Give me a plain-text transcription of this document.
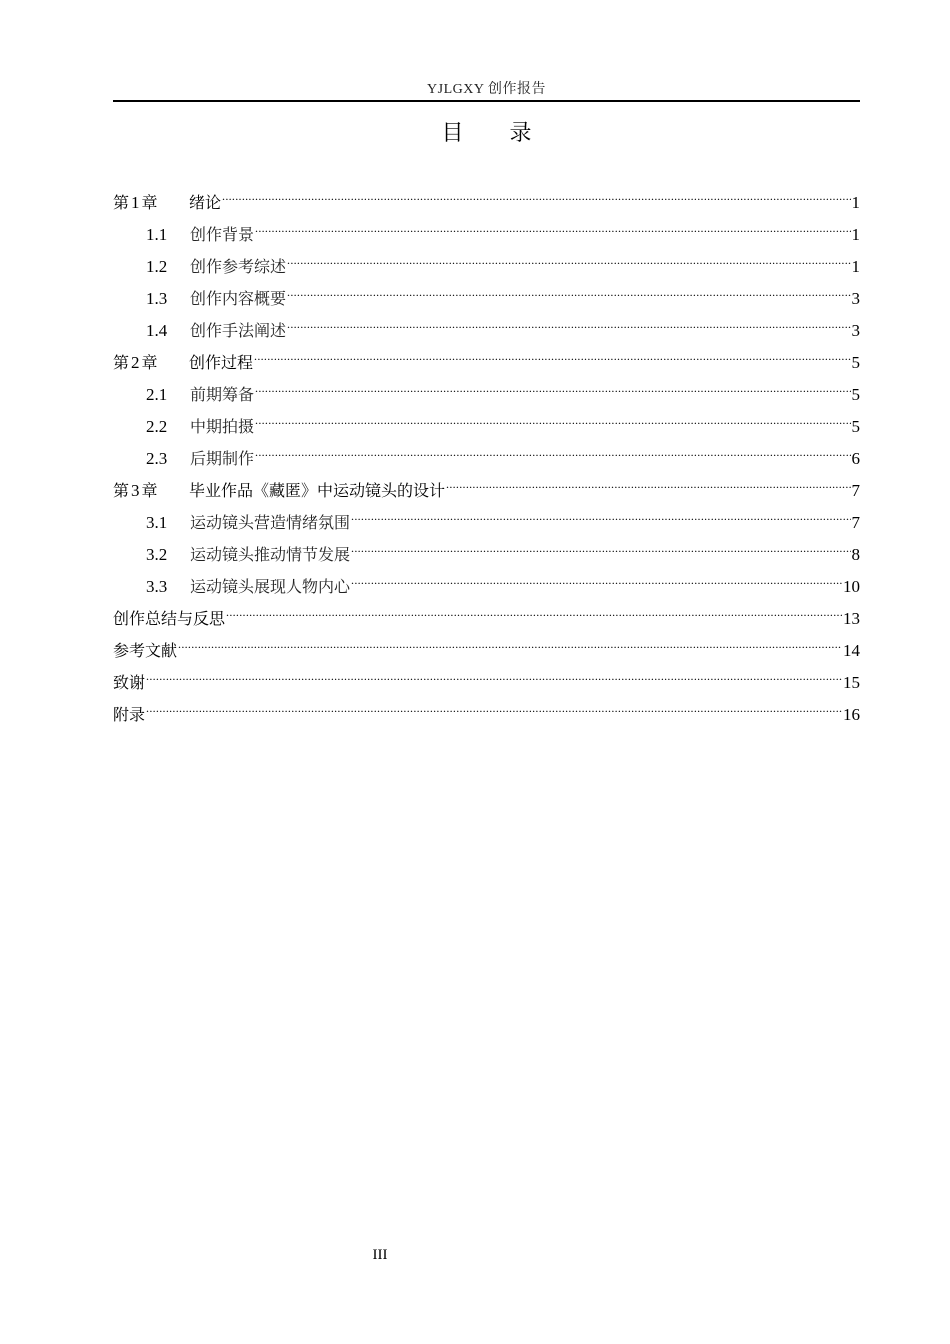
YJLGXY 创作报告
目 录
第 1 章	绪论 .....	1
1.1	创作背景 .....	1
1.2	创作参考综述 .....	1
1.3	创作内容概要 .....	3
1.4	创作手法阐述 .....	3
第 2 章	创作过程 .....	5
2.1	前期筹备 .....	5
2.2	中期拍摄 .....	5
2.3	后期制作 .....	6
第 3 章	毕业作品《藏匿》中运动镜头的设计 .....	7
3.1	运动镜头营造情绪氛围 .....	7
3.2	运动镜头推动情节发展 .....	8
3.3	运动镜头展现人物内心 .....	10
创作总结与反思 .....	13
参考文献 .....	14
致谢 .....	15
附录 .....	16
III
